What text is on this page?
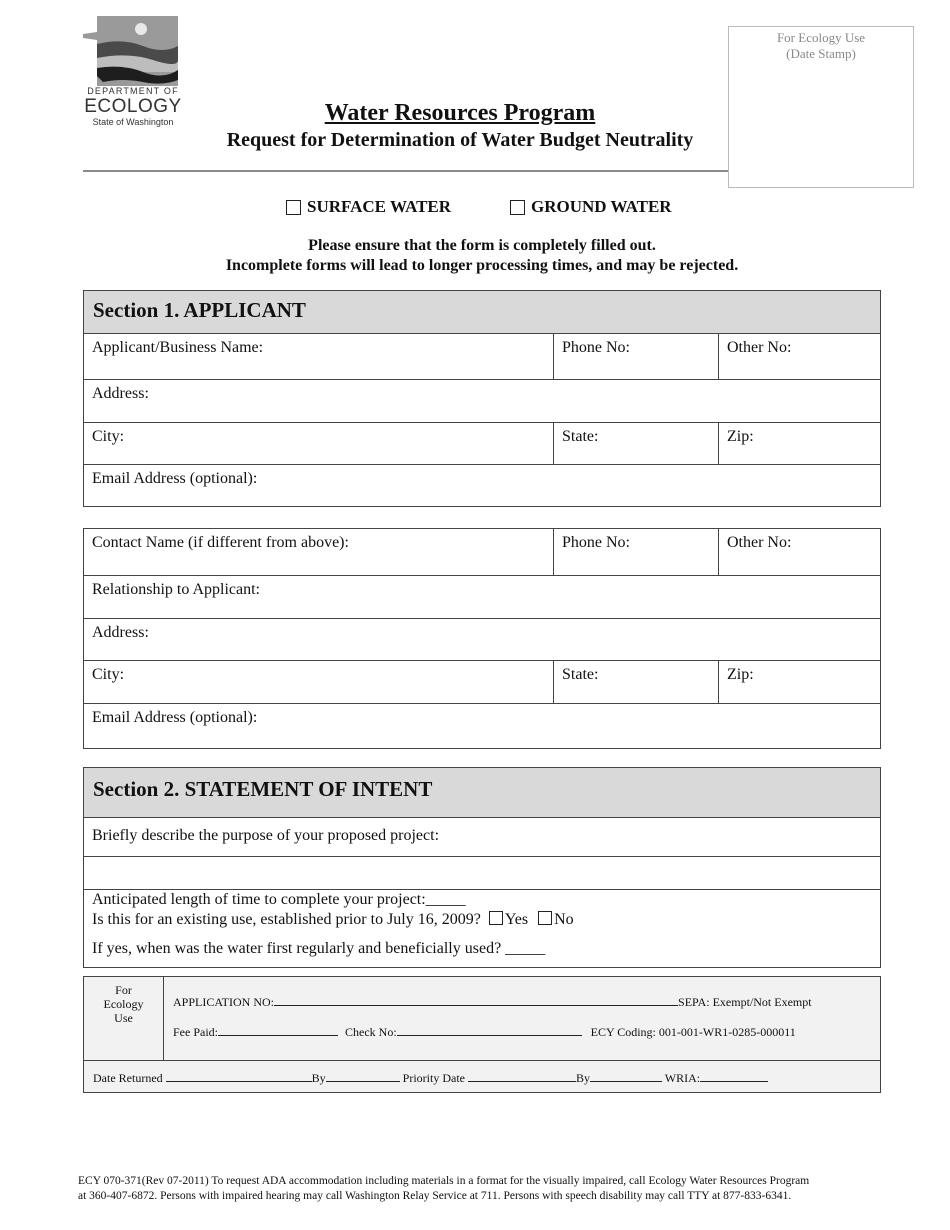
DEPARTMENT OF
ECOLOGY
State of Washington	Water Resources Program
Request for Determination of Water Budget Neutrality
For Ecology Use
(Date Stamp)
SURFACE WATER	GROUND WATER
Please ensure that the form is completely filled out.
Incomplete forms will lead to longer processing times, and may be rejected.
Section 1. APPLICANT
Applicant/Business Name:	Phone No:	Other No:
Address:
City:	State:	Zip:
Email Address (optional):
Contact Name (if different from above):	Phone No:	Other No:
Relationship to Applicant:
Address:
City:	State:	Zip:
Email Address (optional):
Section 2. STATEMENT OF INTENT
Briefly describe the purpose of your proposed project:
Anticipated length of time to complete your project:_____
Is this for an existing use, established prior to July 16, 2009? Yes No
If yes, when was the water first regularly and beneficially used? _____
For
Ecology
Use
APPLICATION NO:	SEPA: Exempt/Not Exempt
Fee Paid:	Check No:	ECY Coding: 001-001-WR1-0285-000011
Date Returned	By	Priority Date	By	WRIA:
ECY 070-371(Rev 07-2011) To request ADA accommodation including materials in a format for the visually impaired, call Ecology Water Resources Program
at 360-407-6872. Persons with impaired hearing may call Washington Relay Service at 711. Persons with speech disability may call TTY at 877-833-6341.
